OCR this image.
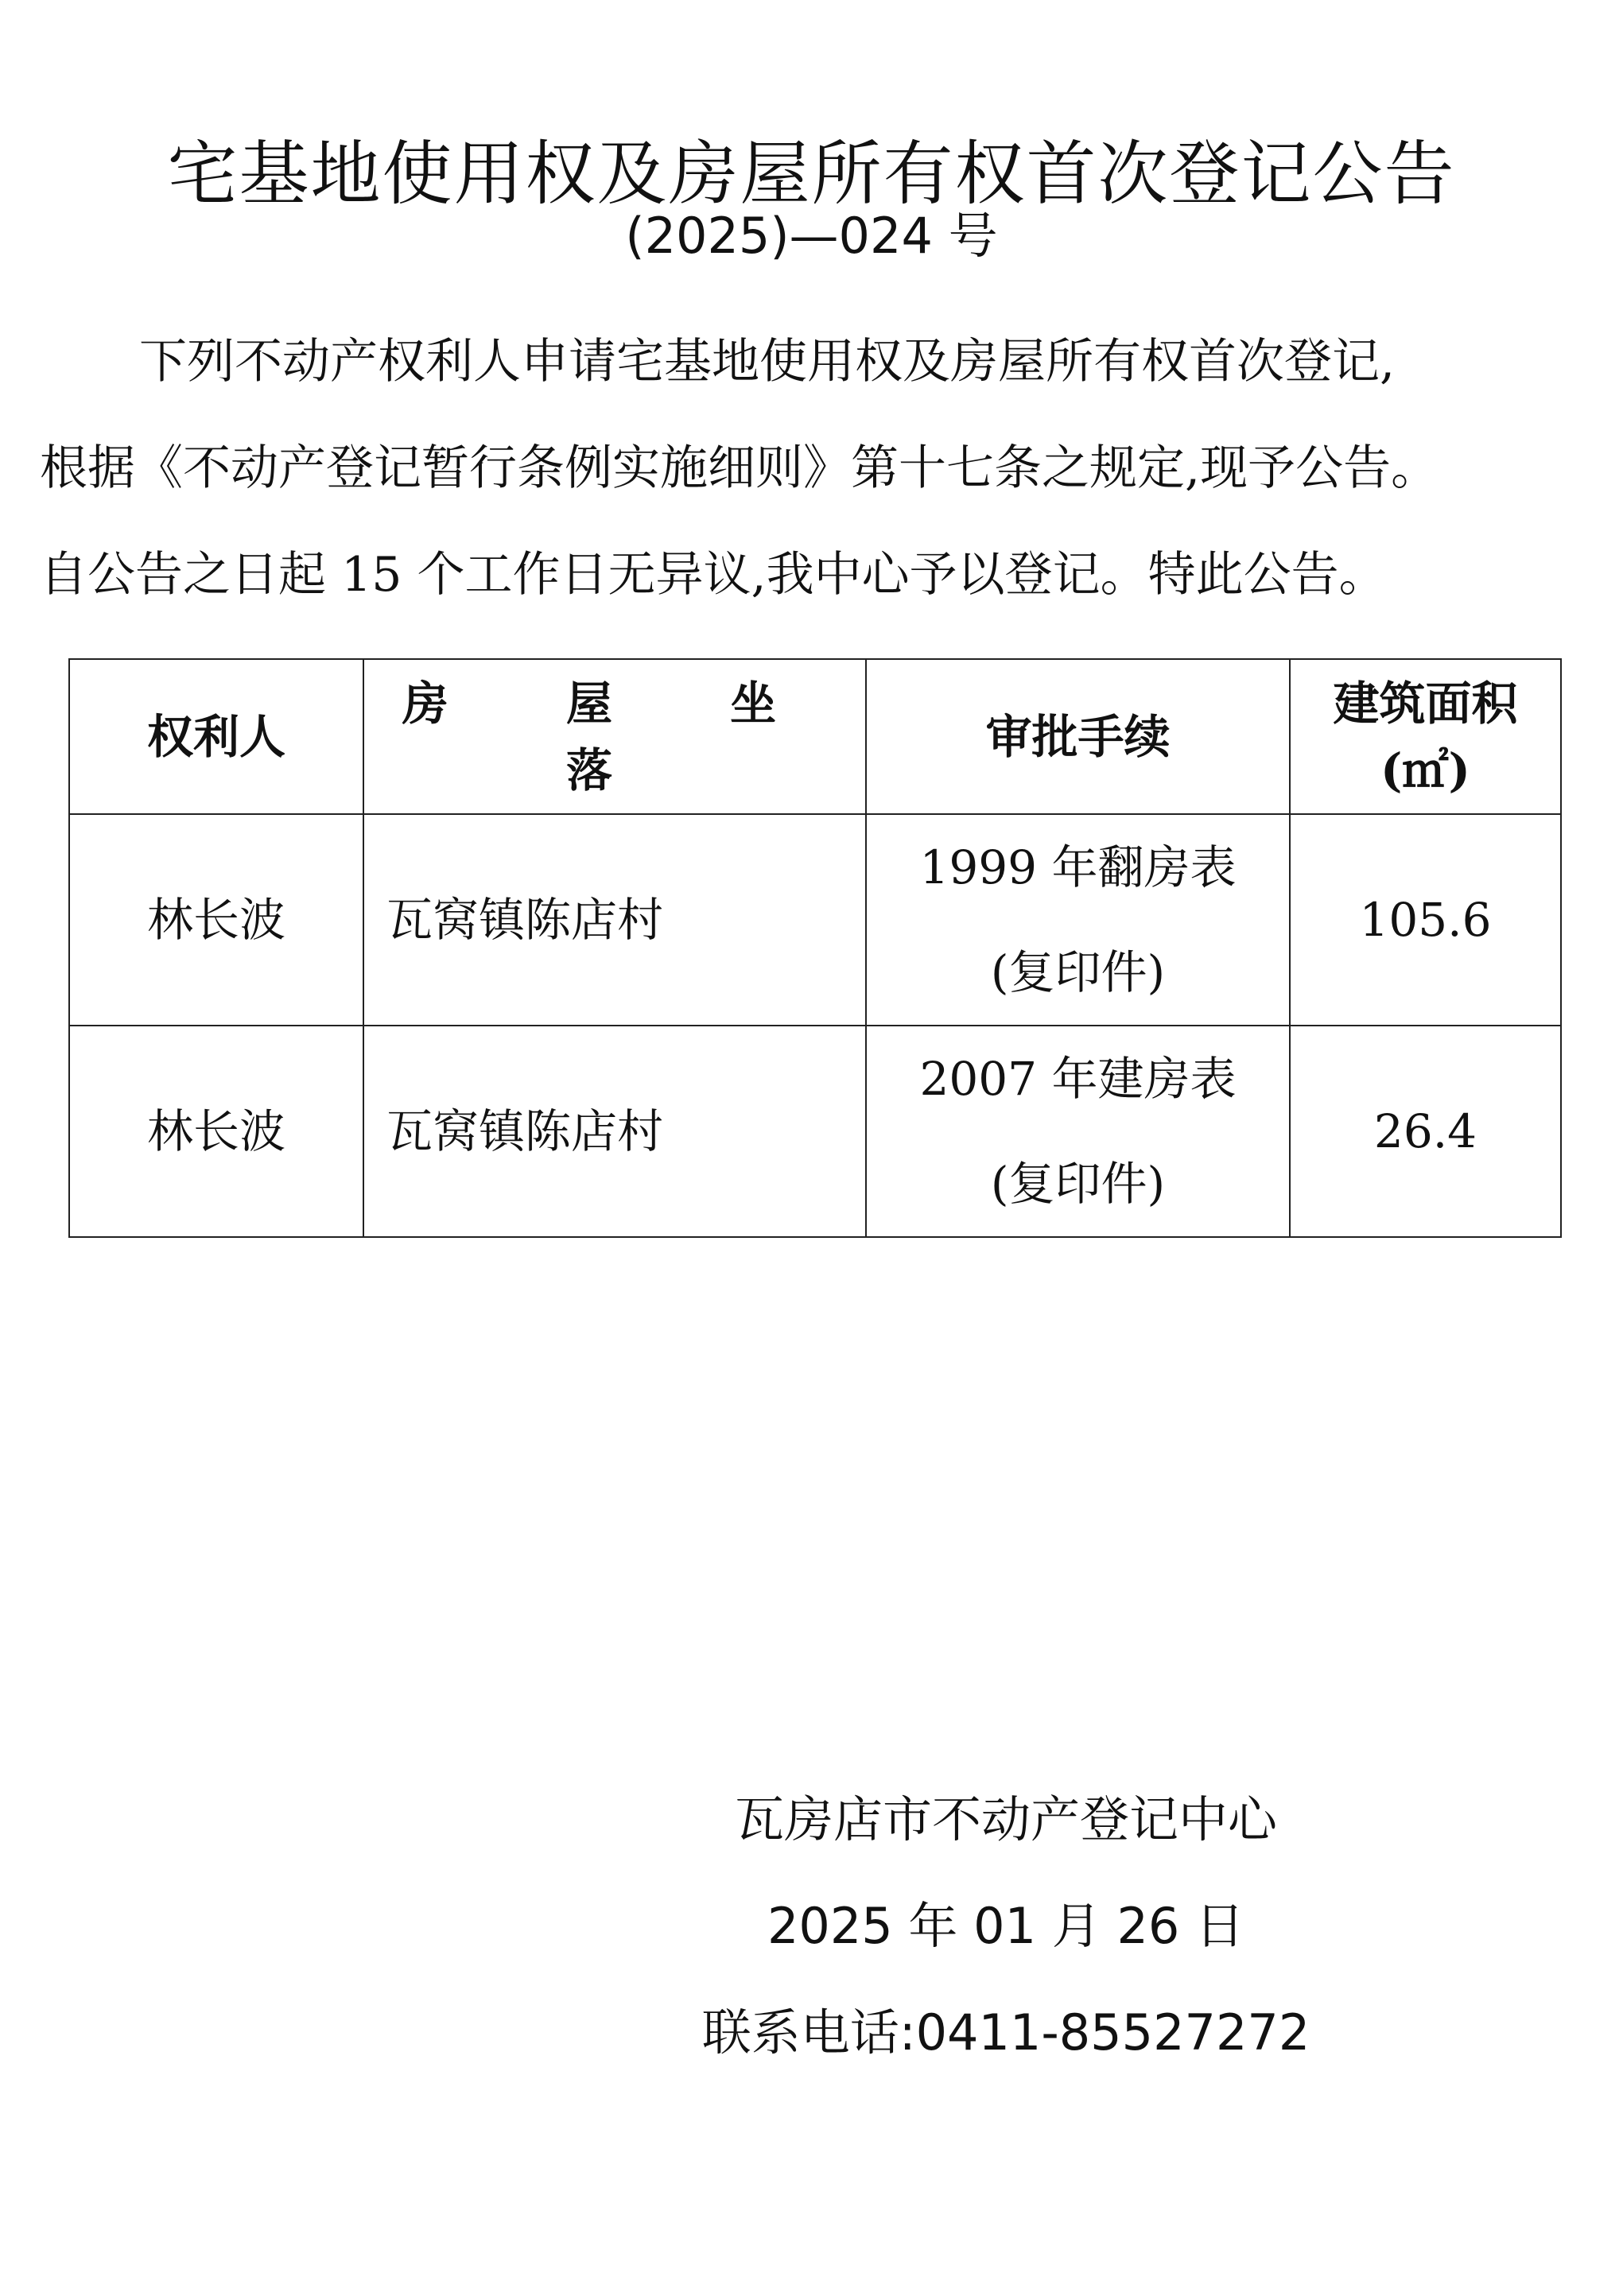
宅基地使用权及房屋所有权首次登记公告
(2025)—024 号

下列不动产权利人申请宅基地使用权及房屋所有权首次登记,

根据《不动产登记暂行条例实施细则》第十七条之规定,现予公告。

自公告之日起 15 个工作日无异议,我中心予以登记。特此公告。

权利人	房 屋 坐 落	审批手续	建筑面积
(㎡)

林长波	瓦窝镇陈店村	1999 年翻房表
(复印件)	105.6
林长波	瓦窝镇陈店村	2007 年建房表
(复印件)	26.4
瓦房店市不动产登记中心
2025 年 01 月 26 日
联系电话:0411-85527272
